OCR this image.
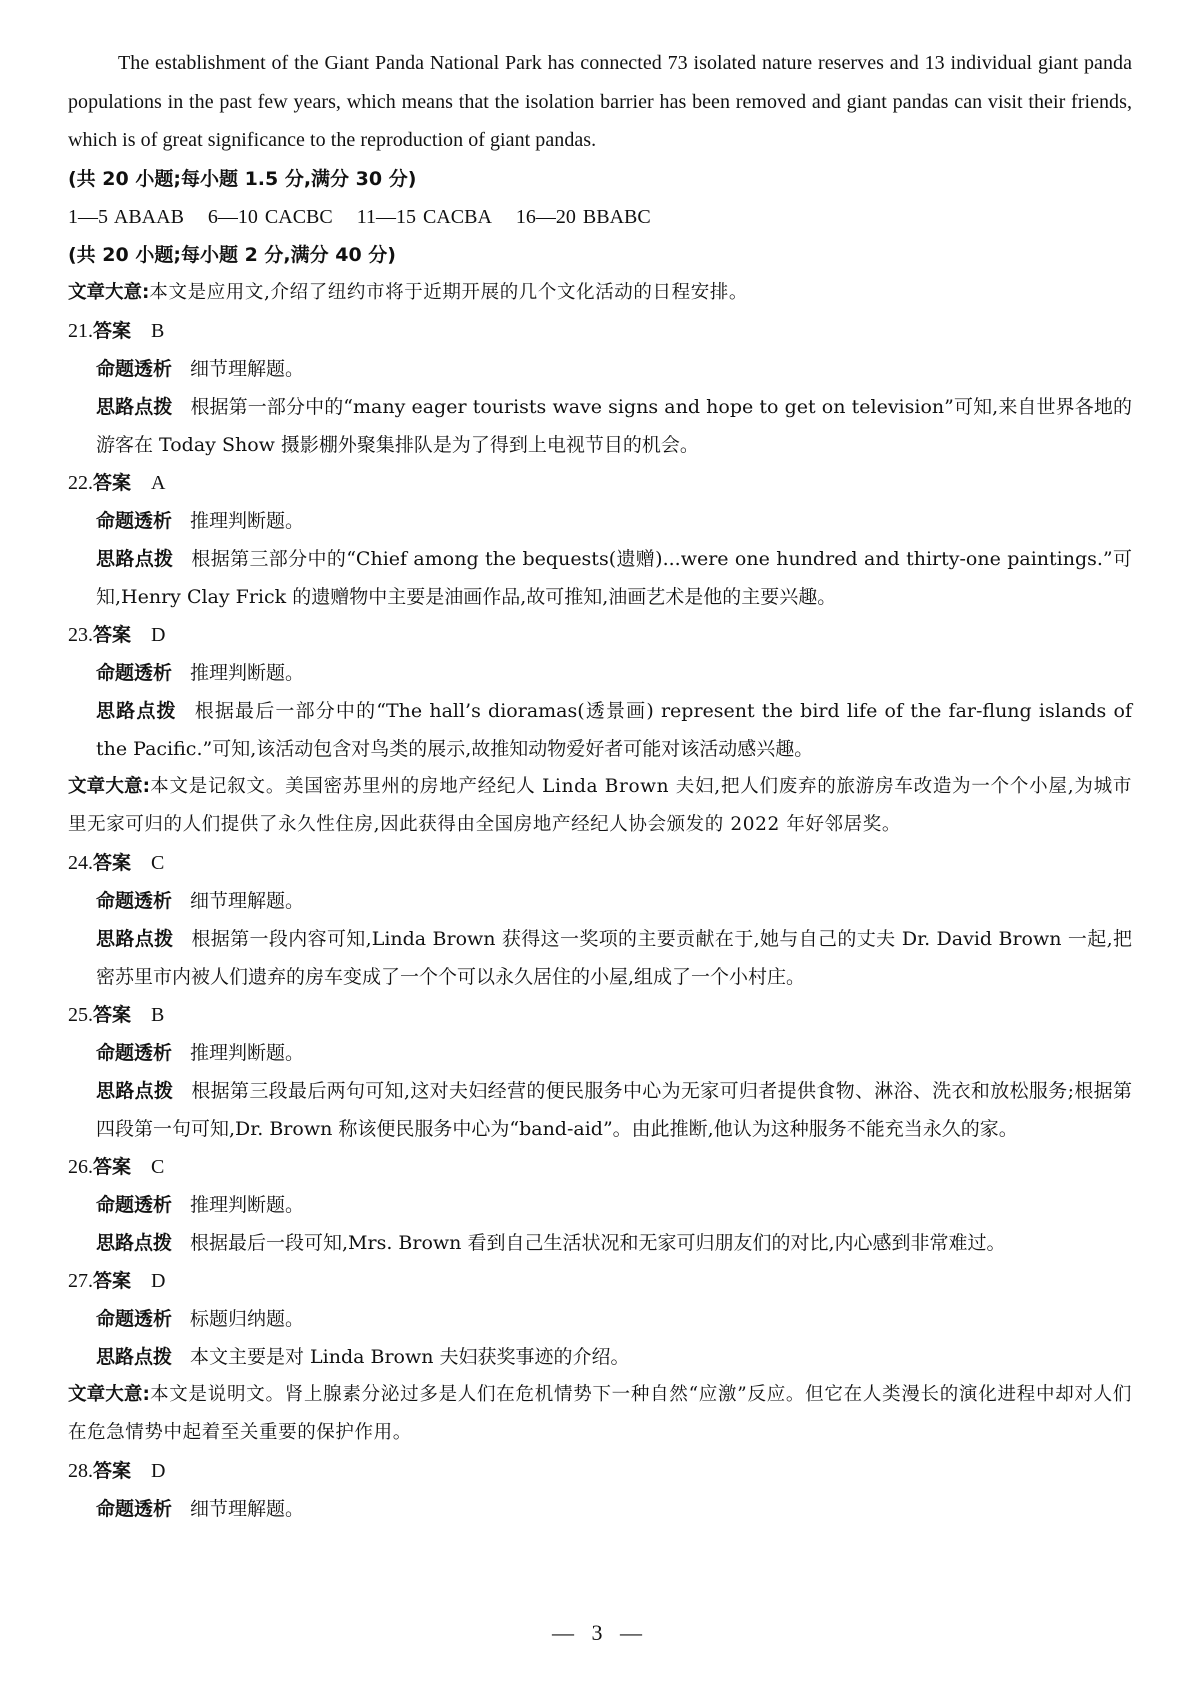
The establishment of the Giant Panda National Park has connected 73 isolated nature reserves and 13 individual giant panda populations in the past few years, which means that the isolation barrier has been removed and giant pandas can visit their friends, which is of great significance to the reproduction of giant pandas.

(共 20 小题;每小题 1.5 分,满分 30 分)

1—5 ABAAB 6—10 CACBC 11—15 CACBA 16—20 BBABC

(共 20 小题;每小题 2 分,满分 40 分)

文章大意:本文是应用文,介绍了纽约市将于近期开展的几个文化活动的日程安排。

21.答案 B

命题透析 细节理解题。

思路点拨 根据第一部分中的“many eager tourists wave signs and hope to get on television”可知,来自世界各地的游客在 Today Show 摄影棚外聚集排队是为了得到上电视节目的机会。

22.答案 A

命题透析 推理判断题。

思路点拨 根据第三部分中的“Chief among the bequests(遗赠)...were one hundred and thirty-one paintings.”可知,Henry Clay Frick 的遗赠物中主要是油画作品,故可推知,油画艺术是他的主要兴趣。

23.答案 D

命题透析 推理判断题。

思路点拨 根据最后一部分中的“The hall’s dioramas(透景画) represent the bird life of the far-flung islands of the Pacific.”可知,该活动包含对鸟类的展示,故推知动物爱好者可能对该活动感兴趣。

文章大意:本文是记叙文。美国密苏里州的房地产经纪人 Linda Brown 夫妇,把人们废弃的旅游房车改造为一个个小屋,为城市里无家可归的人们提供了永久性住房,因此获得由全国房地产经纪人协会颁发的 2022 年好邻居奖。

24.答案 C

命题透析 细节理解题。

思路点拨 根据第一段内容可知,Linda Brown 获得这一奖项的主要贡献在于,她与自己的丈夫 Dr. David Brown 一起,把密苏里市内被人们遗弃的房车变成了一个个可以永久居住的小屋,组成了一个小村庄。

25.答案 B

命题透析 推理判断题。

思路点拨 根据第三段最后两句可知,这对夫妇经营的便民服务中心为无家可归者提供食物、淋浴、洗衣和放松服务;根据第四段第一句可知,Dr. Brown 称该便民服务中心为“band-aid”。由此推断,他认为这种服务不能充当永久的家。

26.答案 C

命题透析 推理判断题。

思路点拨 根据最后一段可知,Mrs. Brown 看到自己生活状况和无家可归朋友们的对比,内心感到非常难过。

27.答案 D

命题透析 标题归纳题。

思路点拨 本文主要是对 Linda Brown 夫妇获奖事迹的介绍。

文章大意:本文是说明文。肾上腺素分泌过多是人们在危机情势下一种自然“应激”反应。但它在人类漫长的演化进程中却对人们在危急情势中起着至关重要的保护作用。

28.答案 D

命题透析 细节理解题。

— 3 —
